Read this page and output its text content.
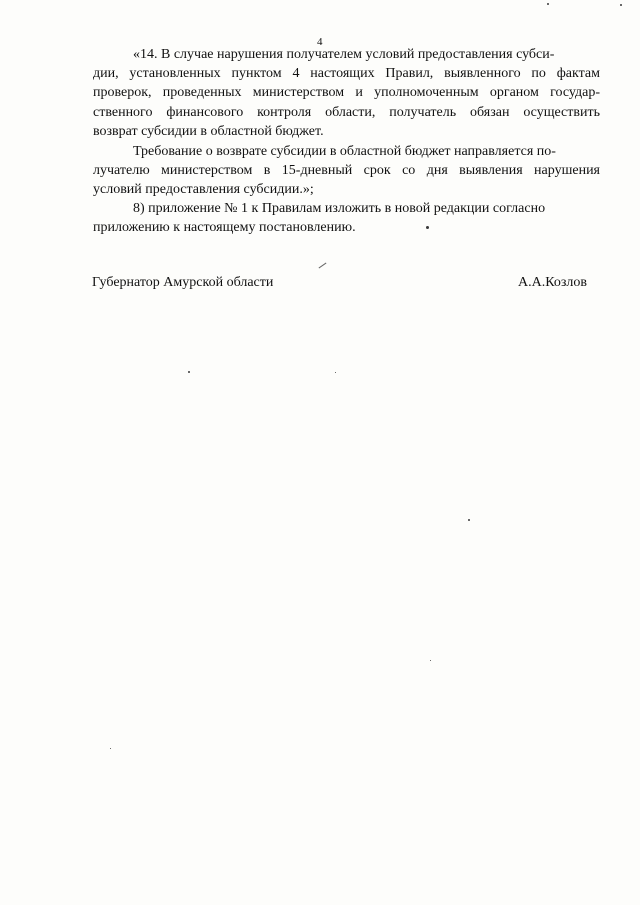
4
«14. В случае нарушения получателем условий предоставления субси-
дии, установленных пунктом 4 настоящих Правил, выявленного по фактам
проверок, проведенных министерством и уполномоченным органом государ-
ственного финансового контроля области, получатель обязан осуществить
возврат субсидии в областной бюджет.
Требование о возврате субсидии в областной бюджет направляется по-
лучателю министерством в 15-дневный срок со дня выявления нарушения
условий предоставления субсидии.»;
8) приложение № 1 к Правилам изложить в новой редакции согласно
приложению к настоящему постановлению.
Губернатор Амурской области	А.А.Козлов
